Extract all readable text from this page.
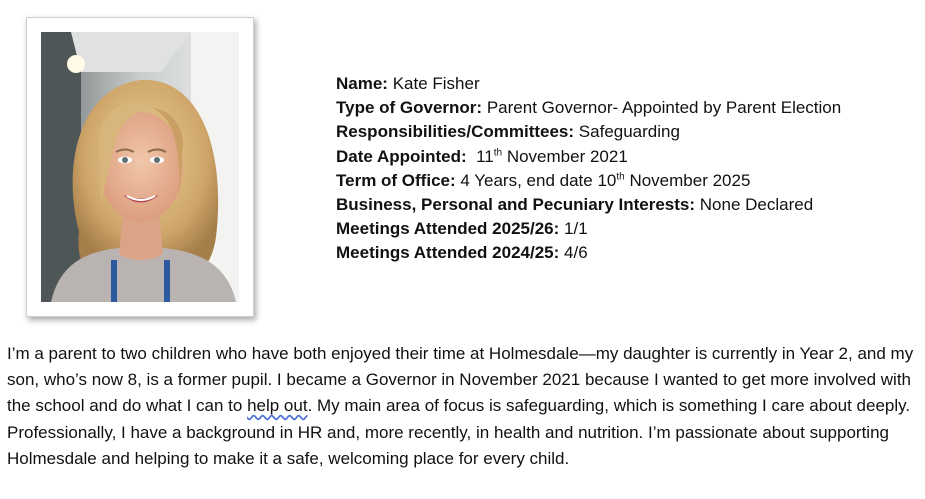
Name: Kate Fisher
Type of Governor: Parent Governor- Appointed by Parent Election
Responsibilities/Committees: Safeguarding
Date Appointed: 11th November 2021
Term of Office: 4 Years, end date 10th November 2025
Business, Personal and Pecuniary Interests: None Declared
Meetings Attended 2025/26: 1/1
Meetings Attended 2024/25: 4/6
I’m a parent to two children who have both enjoyed their time at Holmesdale—my daughter is currently in Year 2, and my son, who’s now 8, is a former pupil. I became a Governor in November 2021 because I wanted to get more involved with the school and do what I can to help out. My main area of focus is safeguarding, which is something I care about deeply. Professionally, I have a background in HR and, more recently, in health and nutrition. I’m passionate about supporting Holmesdale and helping to make it a safe, welcoming place for every child.
